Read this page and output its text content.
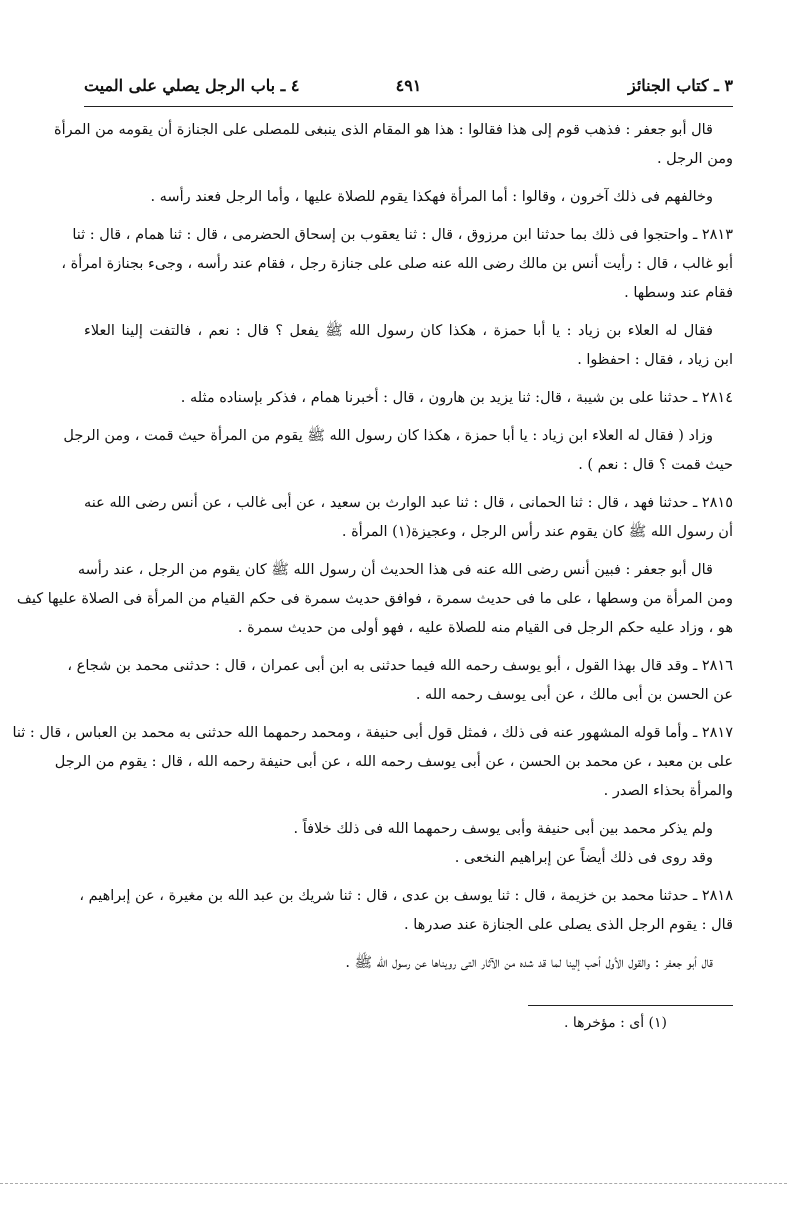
٣ ـ كتاب الجنائز
٤٩١
٤ ـ باب الرجل يصلي على الميت
قال أبو جعفر : فذهب قوم إلى هذا فقالوا : هذا هو المقام الذى ينبغى للمصلى على الجنازة أن يقومه من المرأة
ومن الرجل .
وخالفهم فى ذلك آخرون ، وقالوا : أما المرأة فهكذا يقوم للصلاة عليها ، وأما الرجل فعند رأسه .
٢٨١٣ ـ واحتجوا فى ذلك بما حدثنا ابن مرزوق ، قال : ثنا يعقوب بن إسحاق الحضرمى ، قال : ثنا همام ، قال : ثنا
أبو غالب ، قال : رأيت أنس بن مالك رضى الله عنه صلى على جنازة رجل ، فقام عند رأسه ، وجىء بجنازة امرأة ،
فقام عند وسطها .
فقال له العلاء بن زياد : يا أبا حمزة ، هكذا كان رسول الله ﷺ يفعل ؟ قال : نعم ، فالتفت إلينا العلاء
ابن زياد ، فقال : احفظوا .
٢٨١٤ ـ حدثنا على بن شيبة ، قال: ثنا يزيد بن هارون ، قال : أخبرنا همام ، فذكر بإسناده مثله .
وزاد ( فقال له العلاء ابن زياد : يا أبا حمزة ، هكذا كان رسول الله ﷺ يقوم من المرأة حيث قمت ، ومن الرجل
حيث قمت ؟ قال : نعم ) .
٢٨١٥ ـ حدثنا فهد ، قال : ثنا الحمانى ، قال : ثنا عبد الوارث بن سعيد ، عن أبى غالب ، عن أنس رضى الله عنه
أن رسول الله ﷺ كان يقوم عند رأس الرجل ، وعجيزة(١) المرأة .
قال أبو جعفر : فبين أنس رضى الله عنه فى هذا الحديث أن رسول الله ﷺ كان يقوم من الرجل ، عند رأسه
ومن المرأة من وسطها ، على ما فى حديث سمرة ، فوافق حديث سمرة فى حكم القيام من المرأة فى الصلاة عليها كيف
هو ، وزاد عليه حكم الرجل فى القيام منه للصلاة عليه ، فهو أولى من حديث سمرة .
٢٨١٦ ـ وقد قال بهذا القول ، أبو يوسف رحمه الله فيما حدثنى به ابن أبى عمران ، قال : حدثنى محمد بن شجاع ،
عن الحسن بن أبى مالك ، عن أبى يوسف رحمه الله .
٢٨١٧ ـ وأما قوله المشهور عنه فى ذلك ، فمثل قول أبى حنيفة ، ومحمد رحمهما الله حدثنى به محمد بن العباس ، قال : ثنا
على بن معبد ، عن محمد بن الحسن ، عن أبى يوسف رحمه الله ، عن أبى حنيفة رحمه الله ، قال : يقوم من الرجل
والمرأة بحذاء الصدر .
ولم يذكر محمد بين أبى حنيفة وأبى يوسف رحمهما الله فى ذلك خلافاً .
وقد روى فى ذلك أيضاً عن إبراهيم النخعى .
٢٨١٨ ـ حدثنا محمد بن خزيمة ، قال : ثنا يوسف بن عدى ، قال : ثنا شريك بن عبد الله بن مغيرة ، عن إبراهيم ،
قال : يقوم الرجل الذى يصلى على الجنازة عند صدرها .
قال أبو جعفر : والقول الأول أحب إلينا لما قد شده من الآثار التى رويناها عن رسول الله ﷺ .
(١) أى : مؤخرها .
